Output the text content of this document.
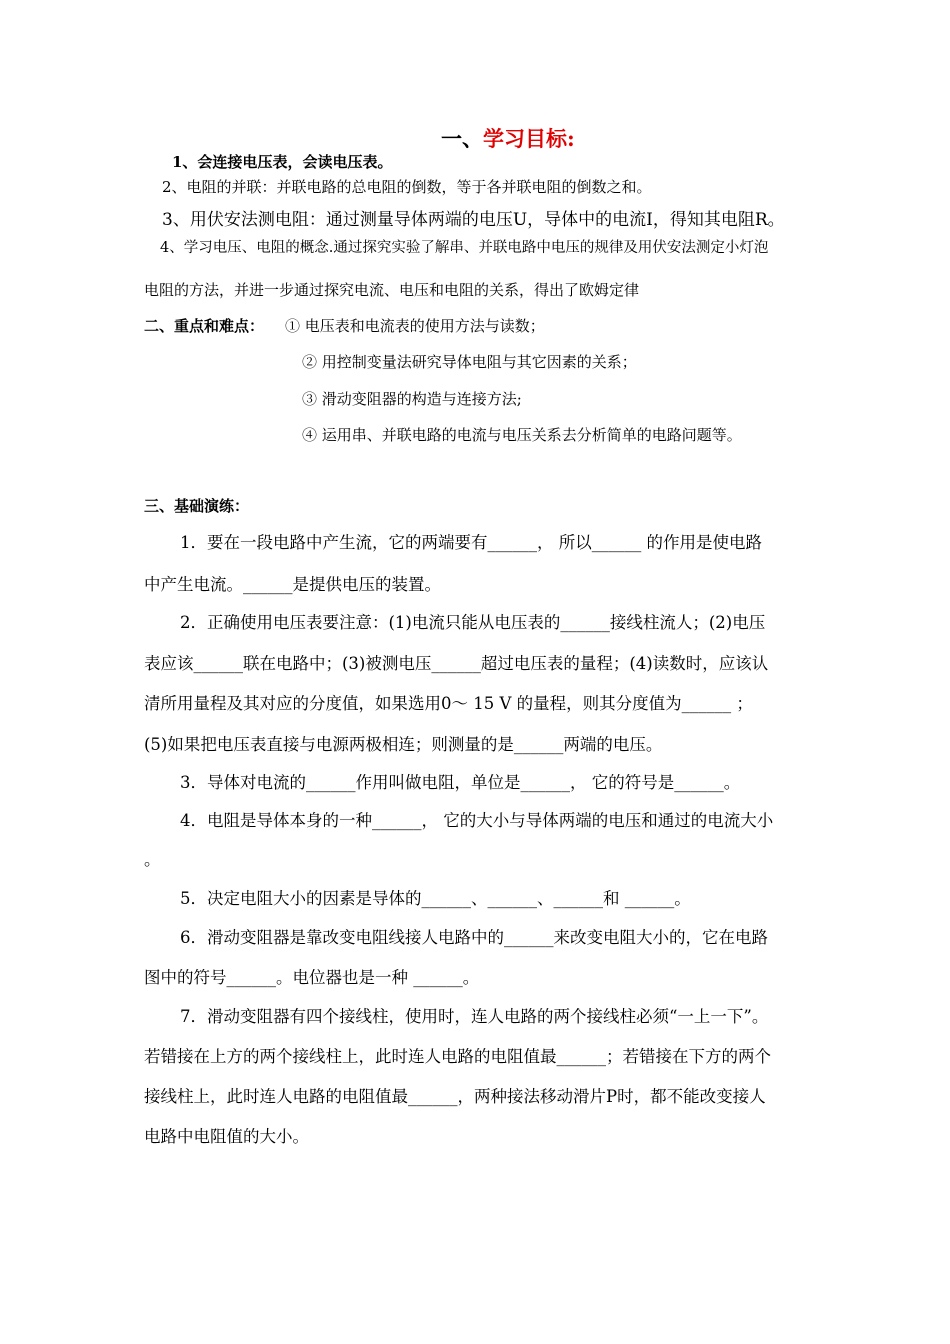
一、学习目标:
1、会连接电压表，会读电压表。
2、电阻的并联：并联电路的总电阻的倒数，等于各并联电阻的倒数之和。
3、用伏安法测电阻：通过测量导体两端的电压U，导体中的电流I，得知其电阻R。
4、学习电压、电阻的概念.通过探究实验了解串、并联电路中电压的规律及用伏安法测定小灯泡
电阻的方法，并进一步通过探究电流、电压和电阻的关系，得出了欧姆定律
二、重点和难点： ① 电压表和电流表的使用方法与读数；
② 用控制变量法研究导体电阻与其它因素的关系；
③ 滑动变阻器的构造与连接方法;
④ 运用串、并联电路的电流与电压关系去分析简单的电路问题等。
三、基础演练：
1．要在一段电路中产生流，它的两端要有______， 所以______ 的作用是使电路
中产生电流。______是提供电压的装置。
2．正确使用电压表要注意：(1)电流只能从电压表的______接线柱流人；(2)电压
表应该______联在电路中；(3)被测电压______超过电压表的量程；(4)读数时，应该认
清所用量程及其对应的分度值，如果选用0～ 15 V 的量程，则其分度值为______ ；
(5)如果把电压表直接与电源两极相连；则测量的是______两端的电压。
3．导体对电流的______作用叫做电阻，单位是______， 它的符号是______。
4．电阻是导体本身的一种______， 它的大小与导体两端的电压和通过的电流大小
。
5．决定电阻大小的因素是导体的______、______、______和 ______。
6．滑动变阻器是靠改变电阻线接人电路中的______来改变电阻大小的，它在电路
图中的符号______。电位器也是一种 ______。
7．滑动变阻器有四个接线柱，使用时，连人电路的两个接线柱必须“一上一下”。
若错接在上方的两个接线柱上，此时连人电路的电阻值最______；若错接在下方的两个
接线柱上，此时连人电路的电阻值最______，两种接法移动滑片P时，都不能改变接人
电路中电阻值的大小。
